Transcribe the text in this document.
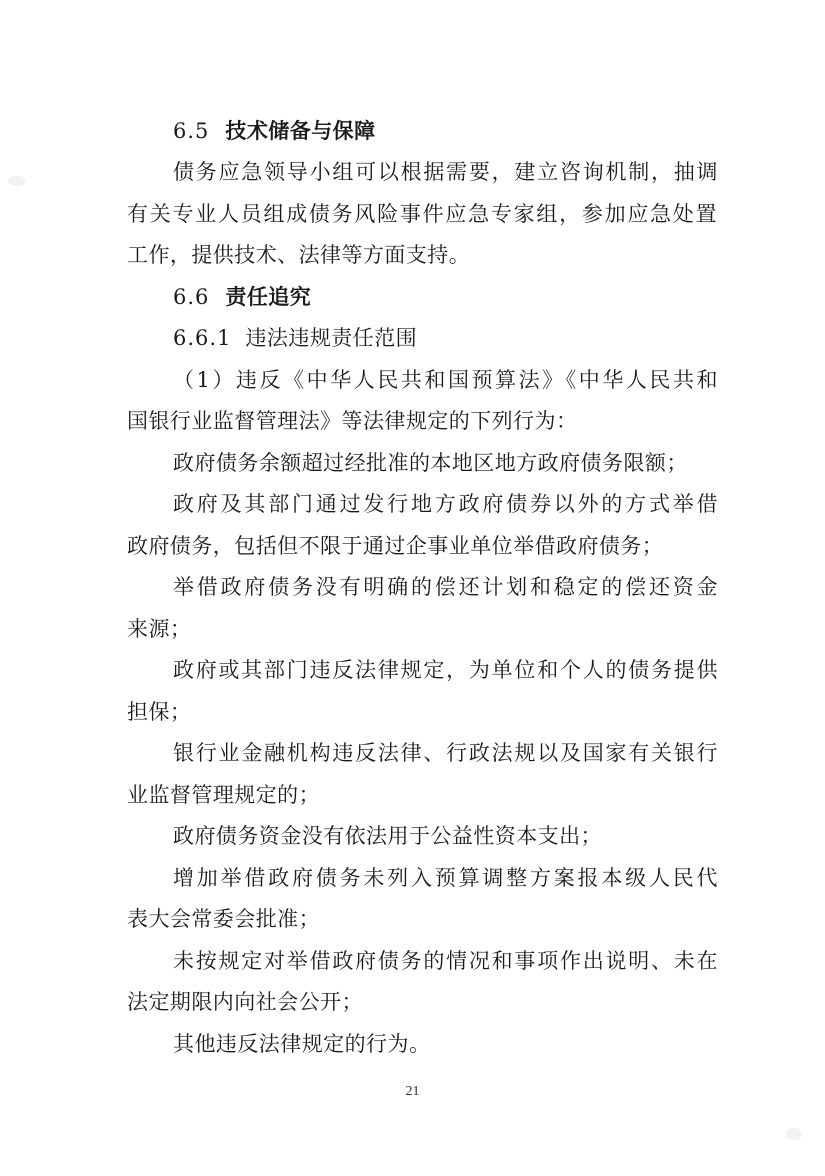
6.5 技术储备与保障
债务应急领导小组可以根据需要，建立咨询机制，抽调
有关专业人员组成债务风险事件应急专家组，参加应急处置
工作，提供技术、法律等方面支持。
6.6 责任追究
6.6.1 违法违规责任范围
（1）违反《中华人民共和国预算法》《中华人民共和
国银行业监督管理法》等法律规定的下列行为：
政府债务余额超过经批准的本地区地方政府债务限额；
政府及其部门通过发行地方政府债券以外的方式举借
政府债务，包括但不限于通过企事业单位举借政府债务；
举借政府债务没有明确的偿还计划和稳定的偿还资金
来源；
政府或其部门违反法律规定，为单位和个人的债务提供
担保；
银行业金融机构违反法律、行政法规以及国家有关银行
业监督管理规定的；
政府债务资金没有依法用于公益性资本支出；
增加举借政府债务未列入预算调整方案报本级人民代
表大会常委会批准；
未按规定对举借政府债务的情况和事项作出说明、未在
法定期限内向社会公开；
其他违反法律规定的行为。
21
